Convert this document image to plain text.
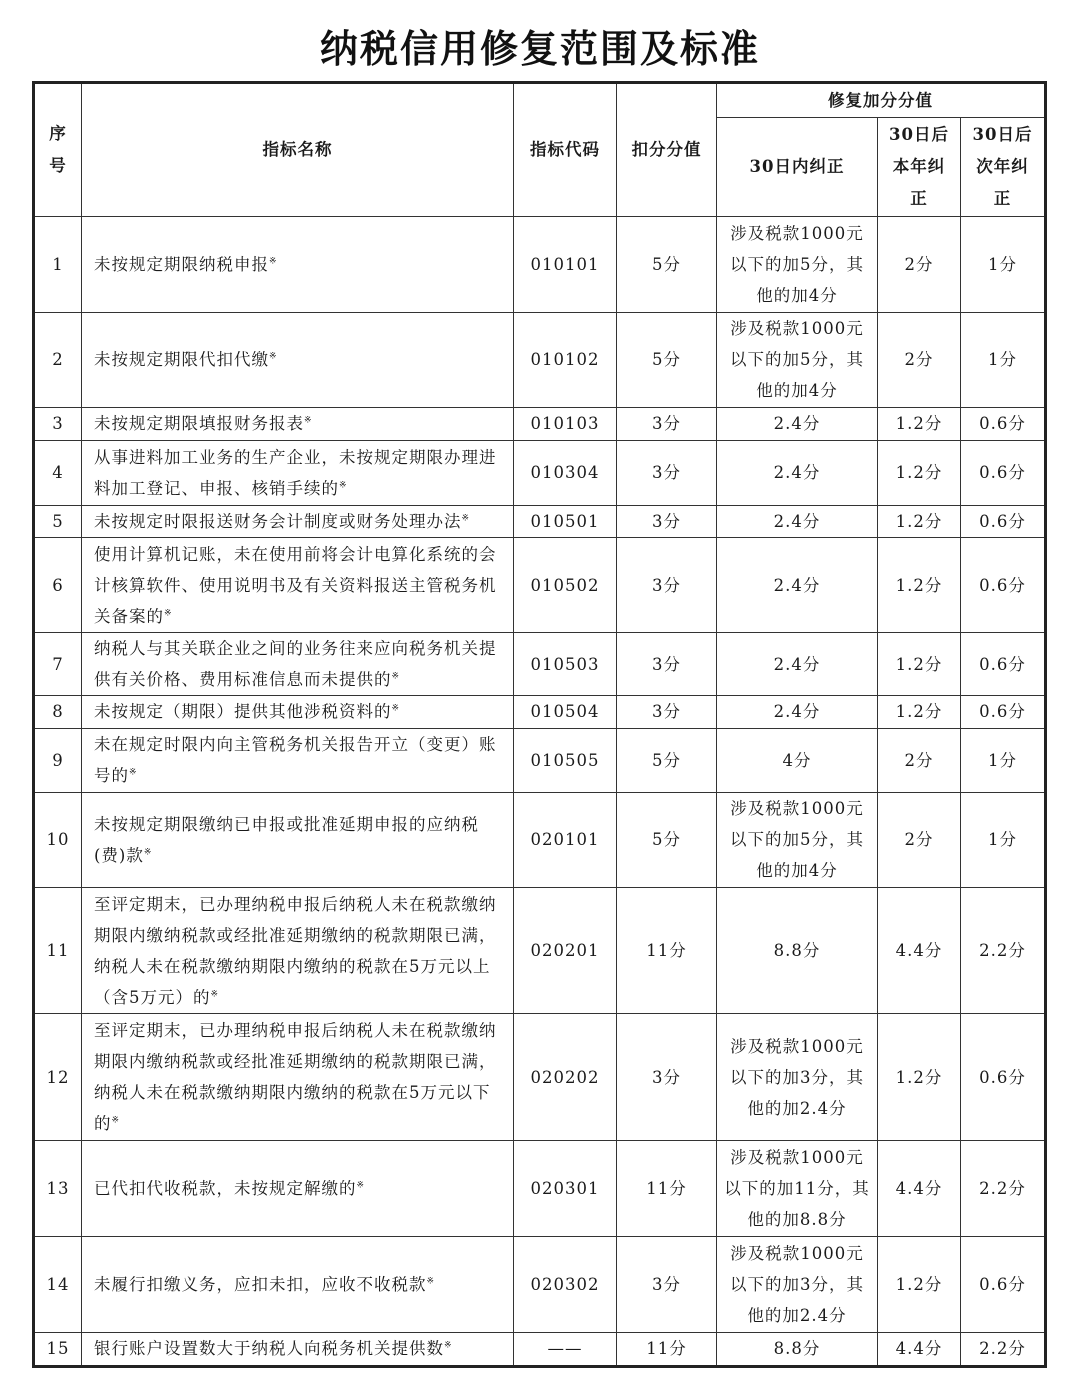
纳税信用修复范围及标准
序号	指标名称	指标代码	扣分分值	修复加分分值		
				30日内纠正	30日后本年纠正	30日后次年纠正
1	未按规定期限纳税申报※	010101	5分	涉及税款1000元以下的加5分，其他的加4分	2分	1分
2	未按规定期限代扣代缴※	010102	5分	涉及税款1000元以下的加5分，其他的加4分	2分	1分
3	未按规定期限填报财务报表※	010103	3分	2.4分	1.2分	0.6分
4	从事进料加工业务的生产企业，未按规定期限办理进料加工登记、申报、核销手续的※	010304	3分	2.4分	1.2分	0.6分
5	未按规定时限报送财务会计制度或财务处理办法※	010501	3分	2.4分	1.2分	0.6分
6	使用计算机记账，未在使用前将会计电算化系统的会计核算软件、使用说明书及有关资料报送主管税务机关备案的※	010502	3分	2.4分	1.2分	0.6分
7	纳税人与其关联企业之间的业务往来应向税务机关提供有关价格、费用标准信息而未提供的※	010503	3分	2.4分	1.2分	0.6分
8	未按规定（期限）提供其他涉税资料的※	010504	3分	2.4分	1.2分	0.6分
9	未在规定时限内向主管税务机关报告开立（变更）账号的※	010505	5分	4分	2分	1分
10	未按规定期限缴纳已申报或批准延期申报的应纳税(费)款※	020101	5分	涉及税款1000元以下的加5分，其他的加4分	2分	1分
11	至评定期末，已办理纳税申报后纳税人未在税款缴纳期限内缴纳税款或经批准延期缴纳的税款期限已满，纳税人未在税款缴纳期限内缴纳的税款在5万元以上（含5万元）的※	020201	11分	8.8分	4.4分	2.2分
12	至评定期末，已办理纳税申报后纳税人未在税款缴纳期限内缴纳税款或经批准延期缴纳的税款期限已满，纳税人未在税款缴纳期限内缴纳的税款在5万元以下的※	020202	3分	涉及税款1000元以下的加3分，其他的加2.4分	1.2分	0.6分
13	已代扣代收税款，未按规定解缴的※	020301	11分	涉及税款1000元以下的加11分，其他的加8.8分	4.4分	2.2分
14	未履行扣缴义务，应扣未扣，应收不收税款※	020302	3分	涉及税款1000元以下的加3分，其他的加2.4分	1.2分	0.6分
15	银行账户设置数大于纳税人向税务机关提供数※	——	11分	8.8分	4.4分	2.2分
